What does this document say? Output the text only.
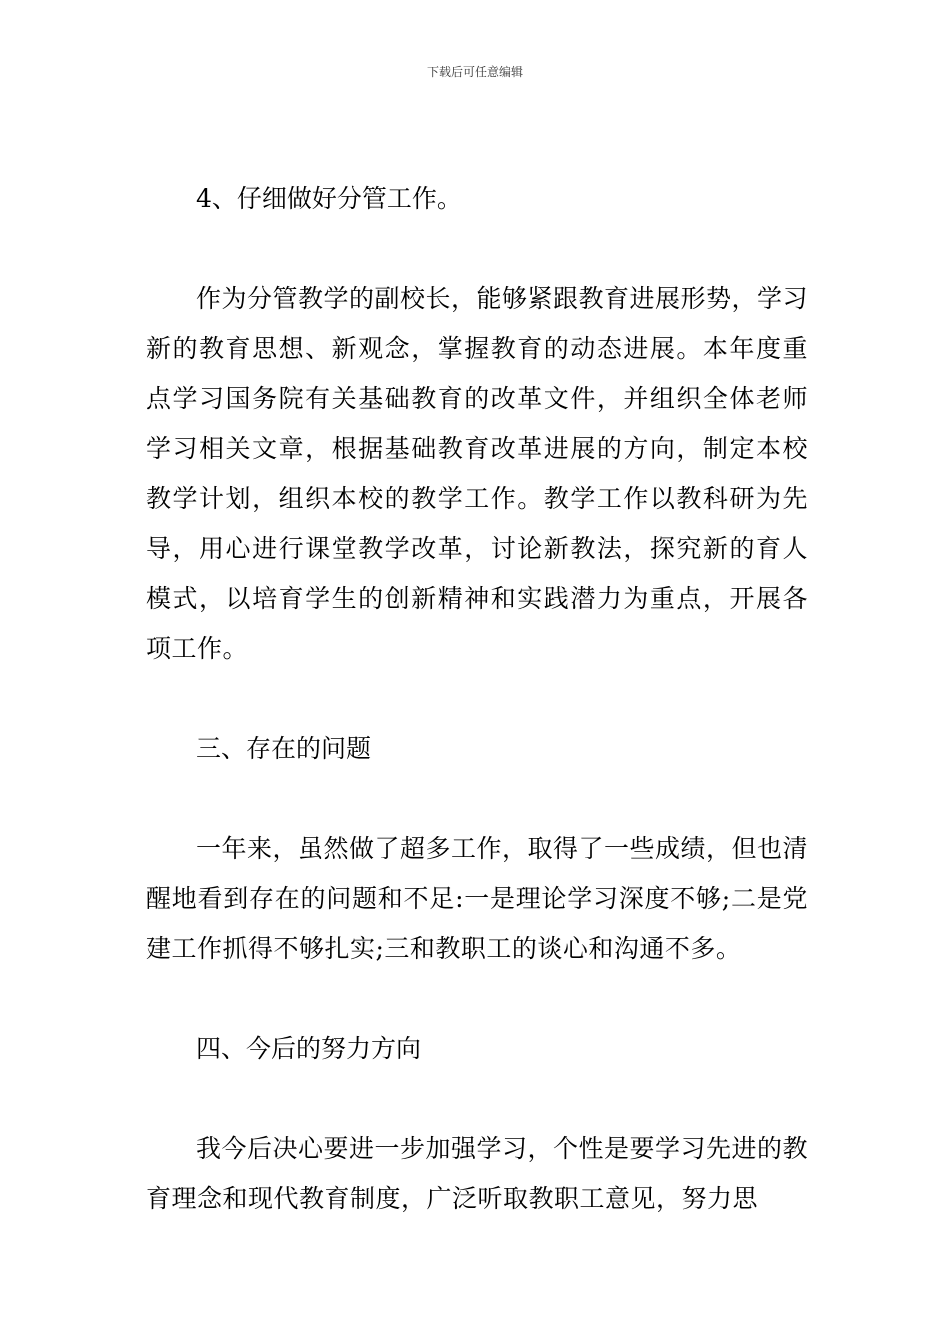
下载后可任意编辑

4、仔细做好分管工作。

作为分管教学的副校长，能够紧跟教育进展形势，学习新的教育思想、新观念，掌握教育的动态进展。本年度重点学习国务院有关基础教育的改革文件，并组织全体老师学习相关文章，根据基础教育改革进展的方向，制定本校教学计划，组织本校的教学工作。教学工作以教科研为先导，用心进行课堂教学改革，讨论新教法，探究新的育人模式，以培育学生的创新精神和实践潜力为重点，开展各项工作。

三、存在的问题

一年来，虽然做了超多工作，取得了一些成绩，但也清醒地看到存在的问题和不足:一是理论学习深度不够;二是党建工作抓得不够扎实;三和教职工的谈心和沟通不多。

四、今后的努力方向

我今后决心要进一步加强学习，个性是要学习先进的教育理念和现代教育制度，广泛听取教职工意见，努力思
